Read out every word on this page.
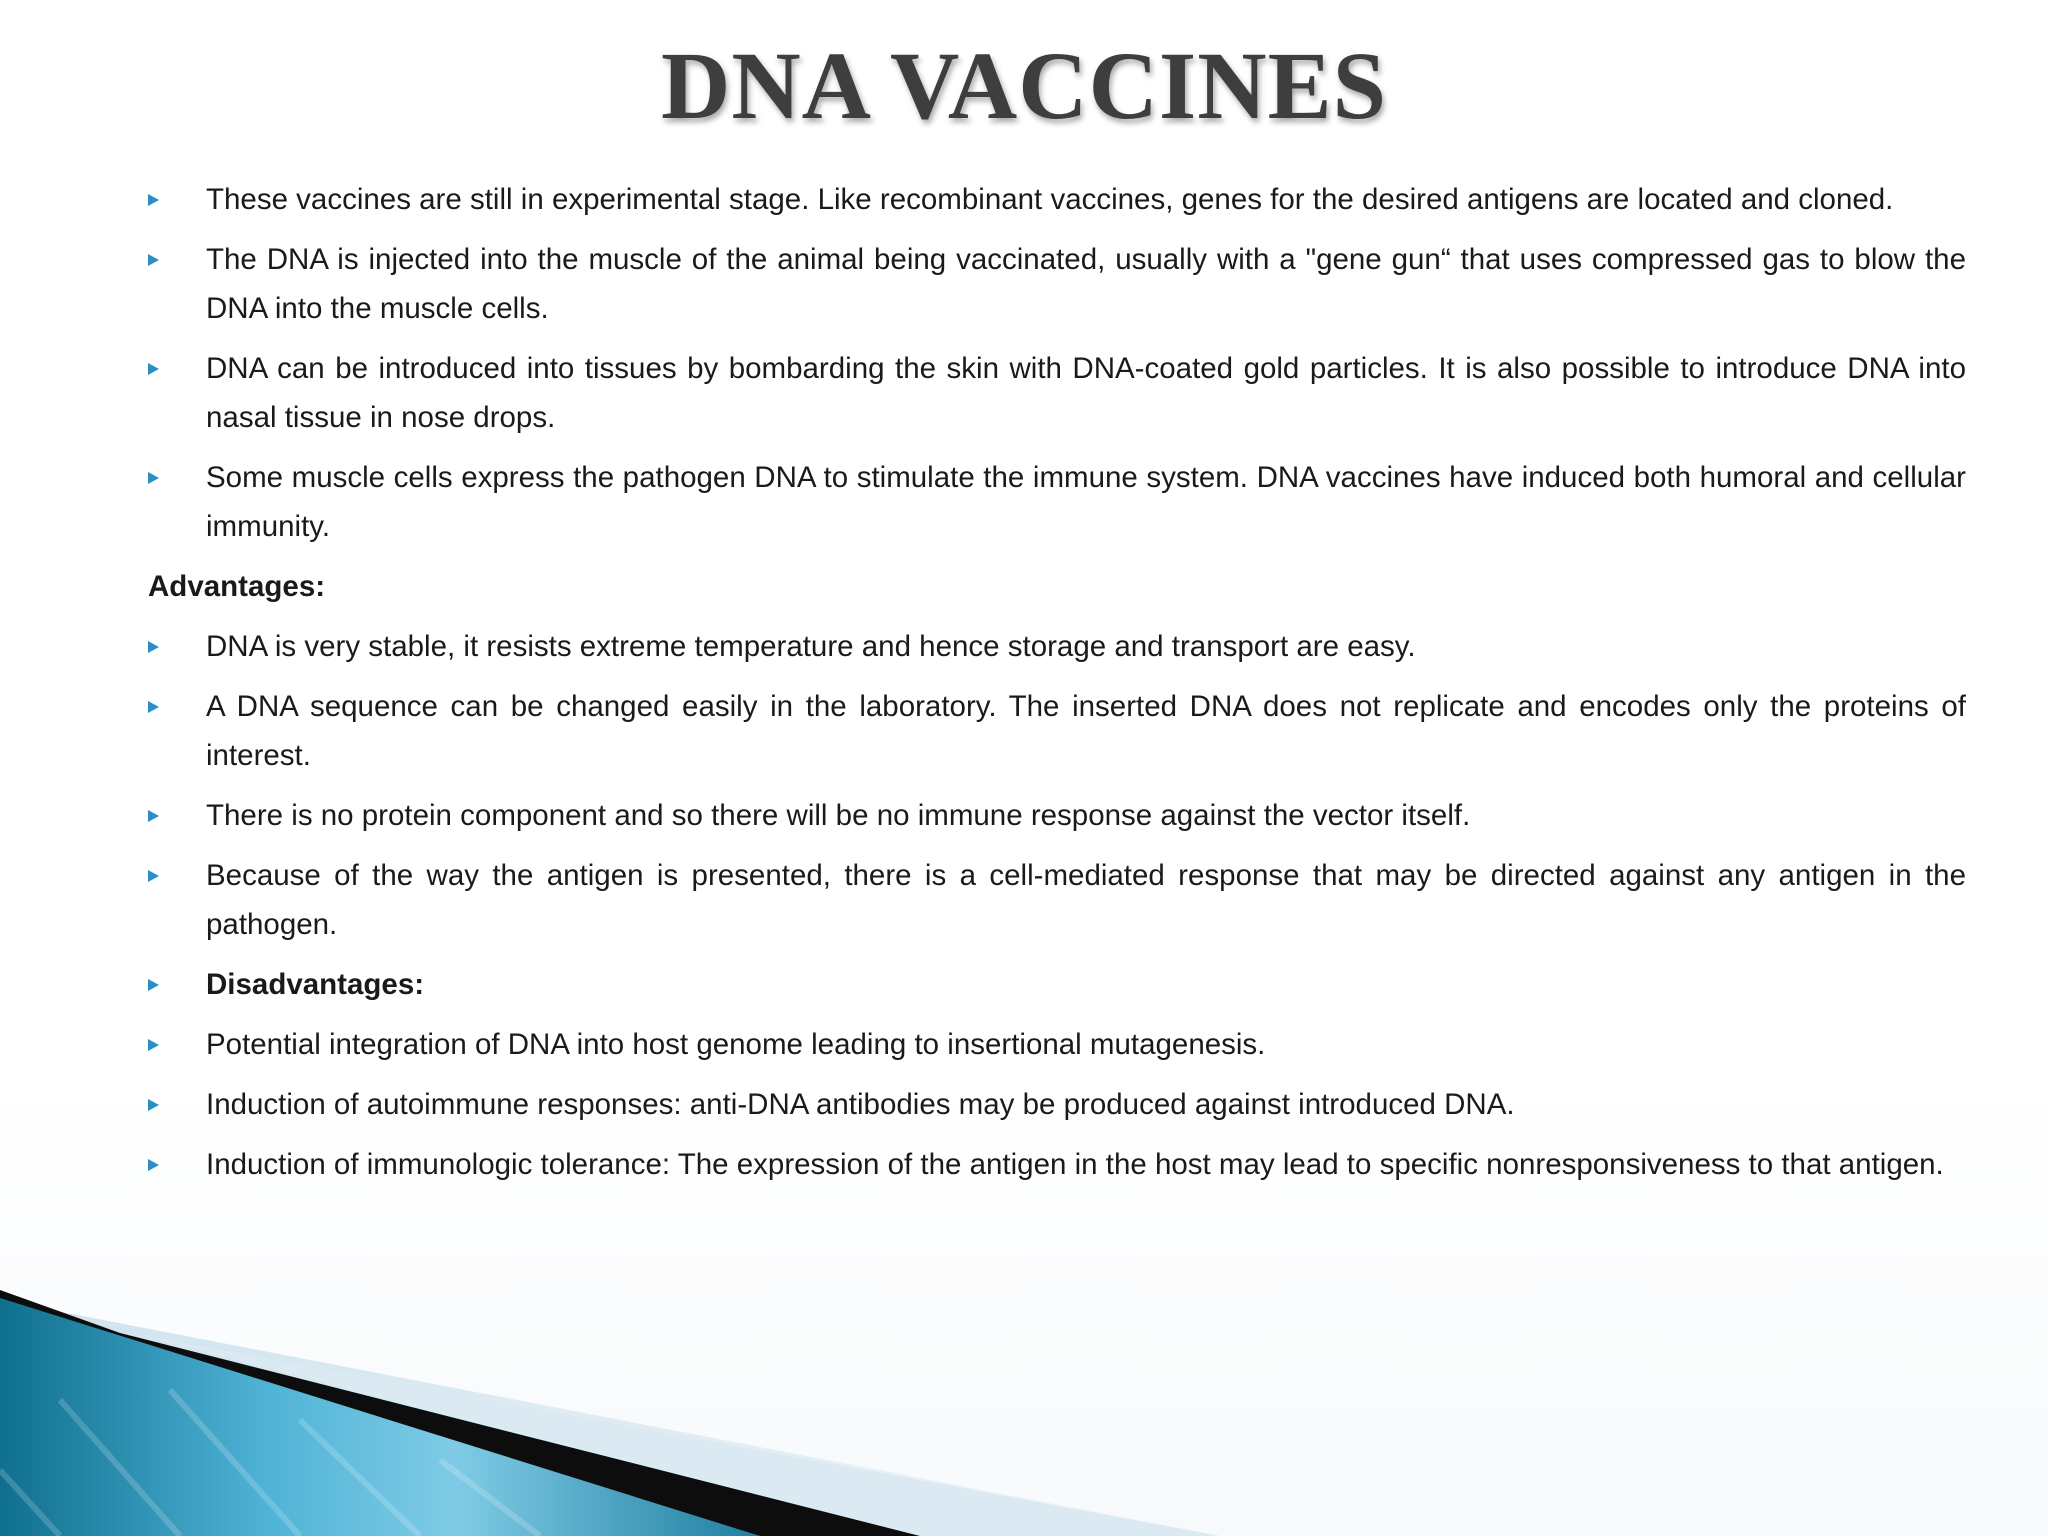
DNA VACCINES
These vaccines are still in experimental stage. Like recombinant vaccines, genes for the desired antigens are located and cloned.
The DNA is injected into the muscle of the animal being vaccinated, usually with a "gene gun“ that uses compressed gas to blow the DNA into the muscle cells.
DNA can be introduced into tissues by bombarding the skin with DNA-coated gold particles. It is also possible to introduce DNA into nasal tissue in nose drops.
Some muscle cells express the pathogen DNA to stimulate the immune system. DNA vaccines have induced both humoral and cellular immunity.
Advantages:
DNA is very stable, it resists extreme temperature and hence storage and transport are easy.
A DNA sequence can be changed easily in the laboratory. The inserted DNA does not replicate and encodes only the proteins of interest.
There is no protein component and so there will be no immune response against the vector itself.
Because of the way the antigen is presented, there is a cell-mediated response that may be directed against any antigen in the pathogen.
Disadvantages:
Potential integration of DNA into host genome leading to insertional mutagenesis.
Induction of autoimmune responses: anti-DNA antibodies may be produced against introduced DNA.
Induction of immunologic tolerance: The expression of the antigen in the host may lead to specific nonresponsiveness to that antigen.
